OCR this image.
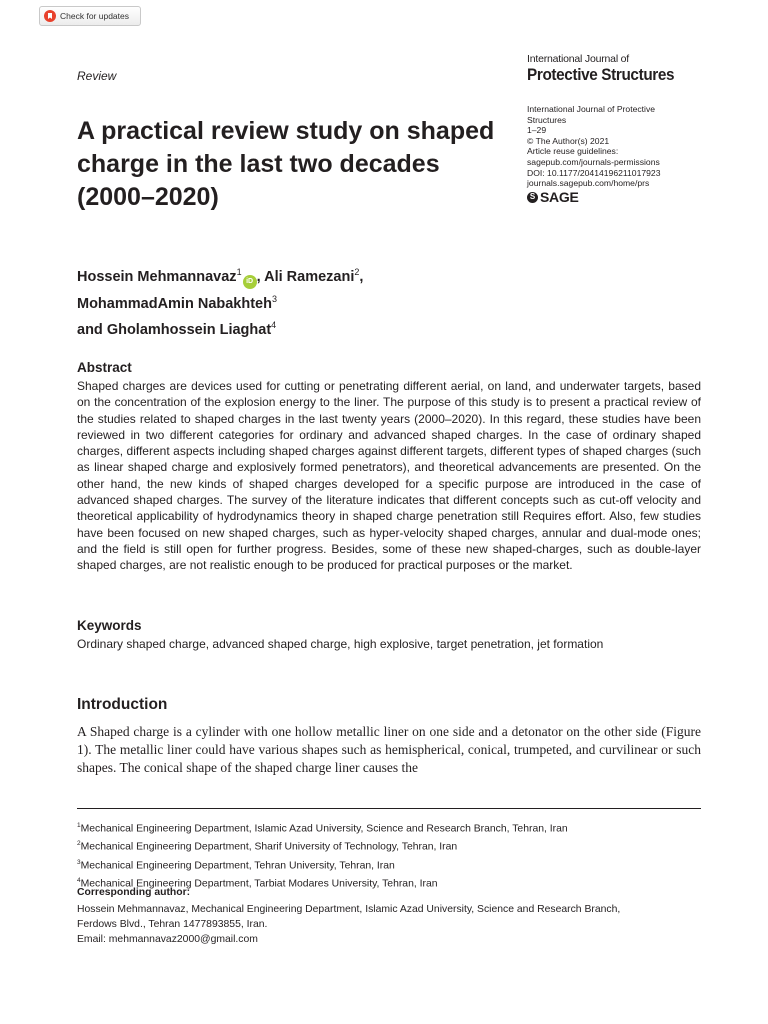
Check for updates
Review
International Journal of
Protective Structures
A practical review study on shaped charge in the last two decades (2000–2020)
International Journal of Protective
Structures
1–29
© The Author(s) 2021
Article reuse guidelines:
sagepub.com/journals-permissions
DOI: 10.1177/20414196211017923
journals.sagepub.com/home/prs
S SAGE
Hossein Mehmannavaz$^1$iD , Ali Ramezani$^2$,
MohammadAmin Nabakhteh$^3$
and Gholamhossein Liaghat$^4$
Abstract
Shaped charges are devices used for cutting or penetrating different aerial, on land, and underwater targets, based on the concentration of the explosion energy to the liner. The purpose of this study is to present a practical review of the studies related to shaped charges in the last twenty years (2000–2020). In this regard, these studies have been reviewed in two different categories for ordinary and advanced shaped charges. In the case of ordinary shaped charges, different aspects including shaped charges against different targets, different types of shaped charges (such as linear shaped charge and explosively formed penetrators), and theoretical advancements are presented. On the other hand, the new kinds of shaped charges developed for a specific purpose are introduced in the case of advanced shaped charges. The survey of the literature indicates that different concepts such as cut-off velocity and theoretical applicability of hydrodynamics theory in shaped charge penetration still Requires effort. Also, few studies have been focused on new shaped charges, such as hyper-velocity shaped charges, annular and dual-mode ones; and the field is still open for further progress. Besides, some of these new shaped-charges, such as double-layer shaped charges, are not realistic enough to be produced for practical purposes or the market.
Keywords
Ordinary shaped charge, advanced shaped charge, high explosive, target penetration, jet formation
Introduction
A Shaped charge is a cylinder with one hollow metallic liner on one side and a detonator on the other side (Figure 1). The metallic liner could have various shapes such as hemispherical, conical, trumpeted, and curvilinear or such shapes. The conical shape of the shaped charge liner causes the
$^1$Mechanical Engineering Department, Islamic Azad University, Science and Research Branch, Tehran, Iran
$^2$Mechanical Engineering Department, Sharif University of Technology, Tehran, Iran
$^3$Mechanical Engineering Department, Tehran University, Tehran, Iran
$^4$Mechanical Engineering Department, Tarbiat Modares University, Tehran, Iran
Corresponding author:
Hossein Mehmannavaz, Mechanical Engineering Department, Islamic Azad University, Science and Research Branch,
Ferdows Blvd., Tehran 1477893855, Iran.
Email: mehmannavaz2000@gmail.com
